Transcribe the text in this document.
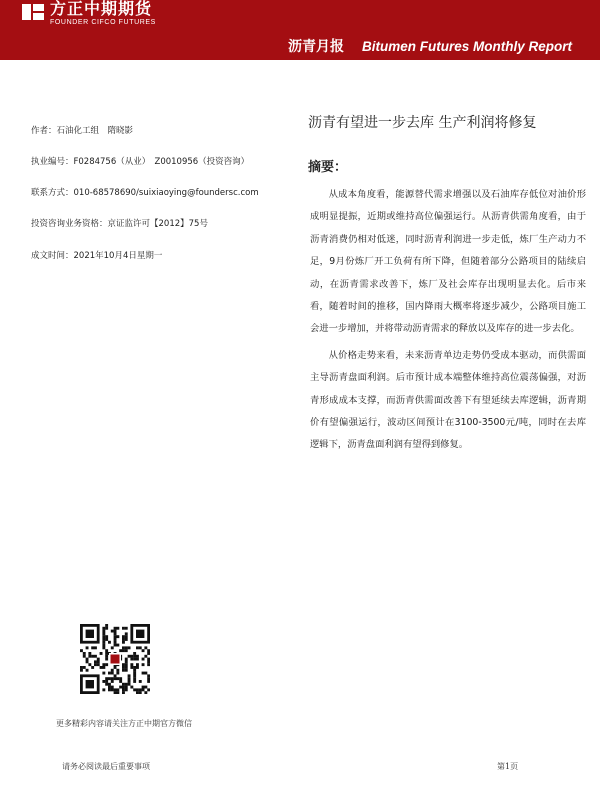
方正中期期货
FOUNDER CIFCO FUTURES
沥青月报 Bitumen Futures Monthly Report
作者：石油化工组　隋晓影
执业编号：F0284756（从业）　Z0010956（投资咨询）
联系方式：010-68578690/suixiaoying@foundersc.com
投资咨询业务资格：京证监许可【2012】75号
成文时间：2021年10月4日星期一
沥青有望进一步去库 生产利润将修复
摘要：

从成本角度看，能源替代需求增强以及石油库存低位对油价形成明显提振，近期或维持高位偏强运行。从沥青供需角度看，由于沥青消费仍相对低迷，同时沥青利润进一步走低，炼厂生产动力不足，9月份炼厂开工负荷有所下降，但随着部分公路项目的陆续启动，在沥青需求改善下，炼厂及社会库存出现明显去化。后市来看，随着时间的推移，国内降雨大概率将逐步减少，公路项目施工会进一步增加，并将带动沥青需求的释放以及库存的进一步去化。

从价格走势来看，未来沥青单边走势仍受成本驱动，而供需面主导沥青盘面利润。后市预计成本端整体维持高位震荡偏强，对沥青形成成本支撑，而沥青供需面改善下有望延续去库逻辑，沥青期价有望偏强运行，波动区间预计在3100-3500元/吨，同时在去库逻辑下，沥青盘面利润有望得到修复。

更多精彩内容请关注方正中期官方微信
请务必阅读最后重要事项	第1页
